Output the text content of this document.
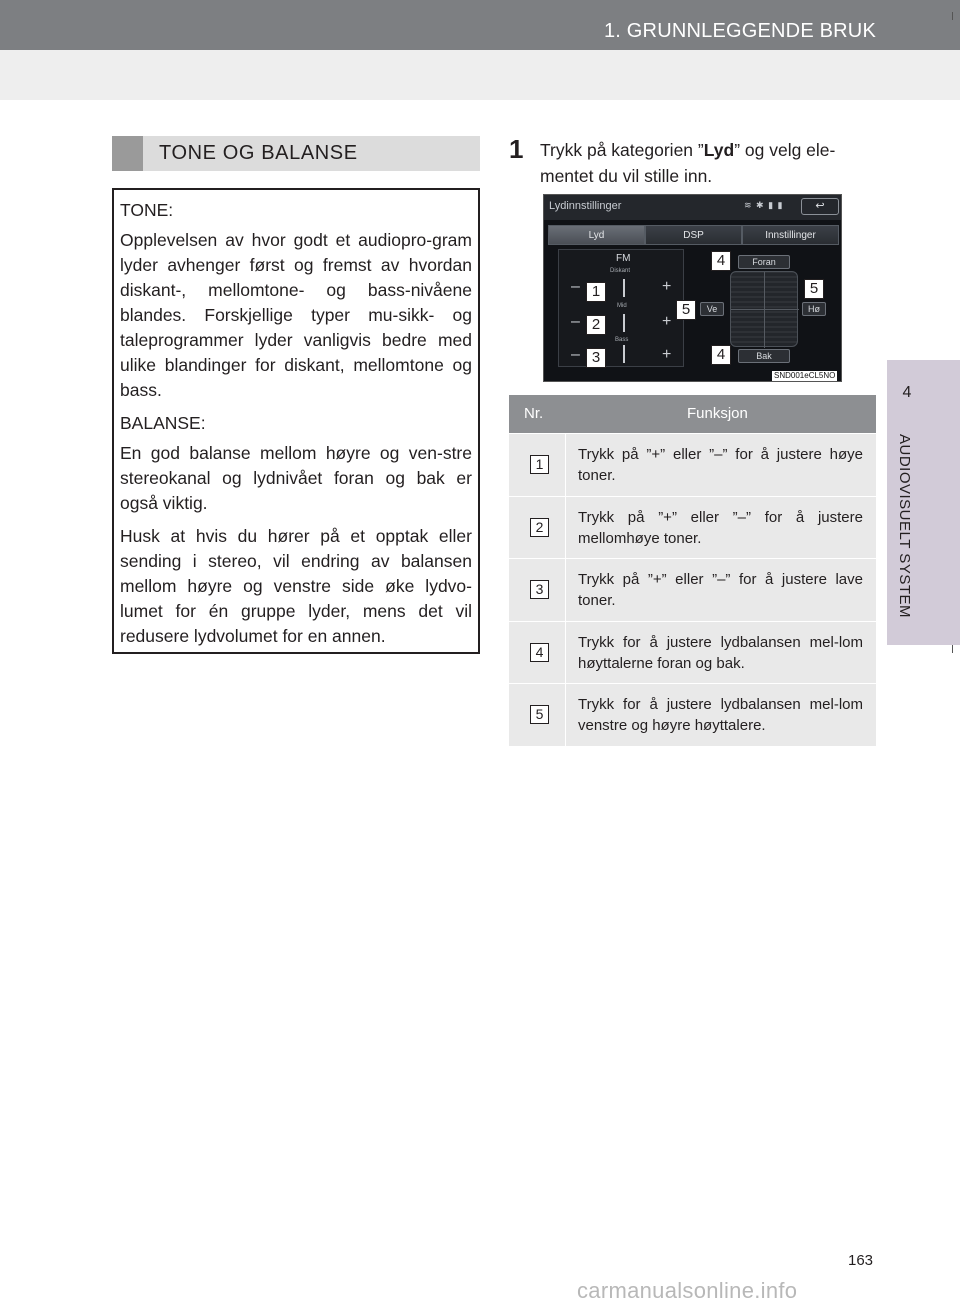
1. GRUNNLEGGENDE BRUK
4
AUDIOVISUELT SYSTEM
TONE OG BALANSE

TONE:

Opplevelsen av hvor godt et audiopro-gram lyder avhenger først og fremst av hvordan diskant-, mellomtone- og bass-nivåene blandes. Forskjellige typer mu-sikk- og taleprogrammer lyder vanligvis bedre med ulike blandinger for diskant, mellomtone og bass.

BALANSE:

En god balanse mellom høyre og ven-stre stereokanal og lydnivået foran og bak er også viktig.

Husk at hvis du hører på et opptak eller sending i stereo, vil endring av balansen mellom høyre og venstre side øke lydvo-lumet for én gruppe lyder, mens det vil redusere lydvolumet for en annen.

1 Trykk på kategorien ”Lyd” og velg ele-mentet du vil stille inn.
Lydinnstillinger	≋ ✱ ▮ ▮	↩
Lyd	DSP	Innstillinger
FM
Diskant
Mid
Bass
–
–
–
+
+
+
Foran
Bak
Ve	Hø
SND001eCL5NO
1
2
3
4
4
5
5
Nr.	Funksjon
1
Trykk på ”+” eller ”–” for å justere høye toner.
2
Trykk på ”+” eller ”–” for å justere mellomhøye toner.
3
Trykk på ”+” eller ”–” for å justere lave toner.
4
Trykk for å justere lydbalansen mel-lom høyttalerne foran og bak.
5
Trykk for å justere lydbalansen mel-lom venstre og høyre høyttalere.
163
carmanualsonline.info
